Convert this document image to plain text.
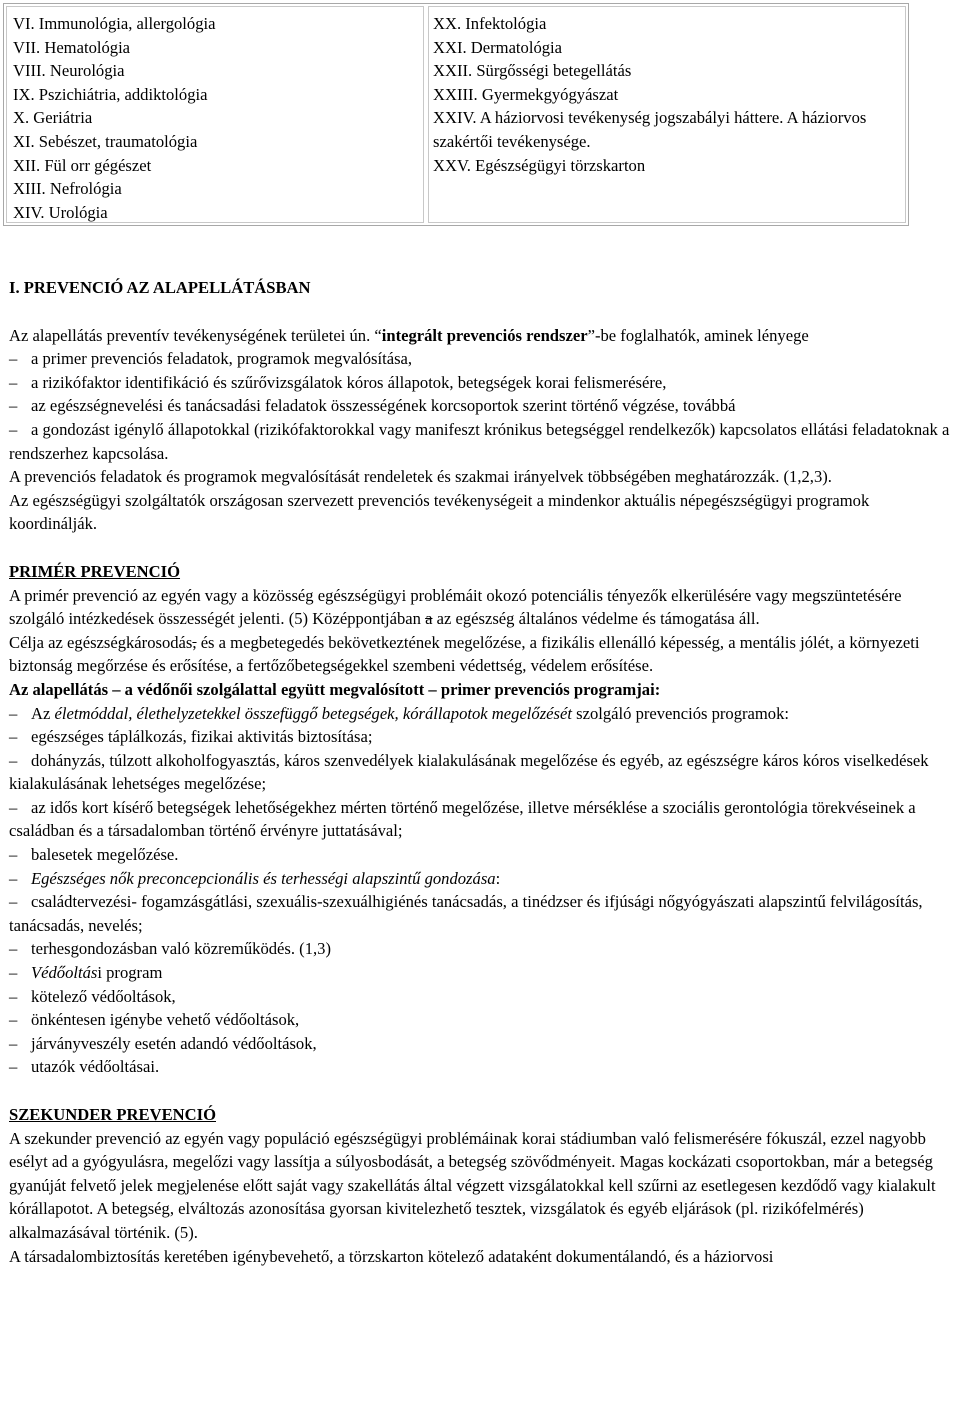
VI. Immunológia, allergológia
VII. Hematológia
VIII. Neurológia
IX. Pszichiátria, addiktológia
X. Geriátria
XI. Sebészet, traumatológia
XII. Fül orr gégészet
XIII. Nefrológia
XIV. Urológia
XX. Infektológia
XXI. Dermatológia
XXII. Sürgősségi betegellátás
XXIII. Gyermekgyógyászat
XXIV. A háziorvosi tevékenység jogszabályi háttere. A háziorvos szakértői tevékenysége.
XXV. Egészségügyi törzskarton
I. PREVENCIÓ AZ ALAPELLÁTÁSBAN

Az alapellátás preventív tevékenységének területei ún. “integrált prevenciós rendszer”-be foglalhatók, aminek lényege

– a primer prevenciós feladatok, programok megvalósítása,
– a rizikófaktor identifikáció és szűrővizsgálatok kóros állapotok, betegségek korai felismerésére,
– az egészségnevelési és tanácsadási feladatok összességének korcsoportok szerint történő végzése, továbbá
– a gondozást igénylő állapotokkal (rizikófaktorokkal vagy manifeszt krónikus betegséggel rendelkezők) kapcsolatos ellátási feladatoknak a rendszerhez kapcsolása.

A prevenciós feladatok és programok megvalósítását rendeletek és szakmai irányelvek többségében meghatározzák. (1,2,3).

Az egészségügyi szolgáltatók országosan szervezett prevenciós tevékenységeit a mindenkor aktuális népegészségügyi programok koordinálják.

PRIMÉR PREVENCIÓ

A primér prevenció az egyén vagy a közösség egészségügyi problémáit okozó potenciális tényezők elkerülésére vagy megszüntetésére szolgáló intézkedések összességét jelenti. (5) Középpontjában a az egészség általános védelme és támogatása áll.

Célja az egészségkárosodás, és a megbetegedés bekövetkeztének megelőzése, a fizikális ellenálló képesség, a mentális jólét, a környezeti biztonság megőrzése és erősítése, a fertőzőbetegségekkel szembeni védettség, védelem erősítése.

Az alapellátás – a védőnői szolgálattal együtt megvalósított – primer prevenciós programjai:
– Az életmóddal, élethelyzetekkel összefüggő betegségek, kórállapotok megelőzését szolgáló prevenciós programok:
– egészséges táplálkozás, fizikai aktivitás biztosítása;
– dohányzás, túlzott alkoholfogyasztás, káros szenvedélyek kialakulásának megelőzése és egyéb, az egészségre káros kóros viselkedések kialakulásának lehetséges megelőzése;
– az idős kort kísérő betegségek lehetőségekhez mérten történő megelőzése, illetve mérséklése a szociális gerontológia törekvéseinek a családban és a társadalomban történő érvényre juttatásával;
– balesetek megelőzése.
– Egészséges nők preconcepcionális és terhességi alapszintű gondozása:
– családtervezési- fogamzásgátlási, szexuális-szexuálhigiénés tanácsadás, a tinédzser és ifjúsági nőgyógyászati alapszintű felvilágosítás, tanácsadás, nevelés;
– terhesgondozásban való közreműködés. (1,3)
– Védőoltási program
– kötelező védőoltások,
– önkéntesen igénybe vehető védőoltások,
– járványveszély esetén adandó védőoltások,
– utazók védőoltásai.
SZEKUNDER PREVENCIÓ

A szekunder prevenció az egyén vagy populáció egészségügyi problémáinak korai stádiumban való felismerésére fókuszál, ezzel nagyobb esélyt ad a gyógyulásra, megelőzi vagy lassítja a súlyosbodását, a betegség szövődményeit. Magas kockázati csoportokban, már a betegség gyanúját felvető jelek megjelenése előtt saját vagy szakellátás által végzett vizsgálatokkal kell szűrni az esetlegesen kezdődő vagy kialakult kórállapotot. A betegség, elváltozás azonosítása gyorsan kivitelezhető tesztek, vizsgálatok és egyéb eljárások (pl. rizikófelmérés) alkalmazásával történik. (5).

A társadalombiztosítás keretében igénybevehető, a törzskarton kötelező adataként dokumentálandó, és a háziorvosi
